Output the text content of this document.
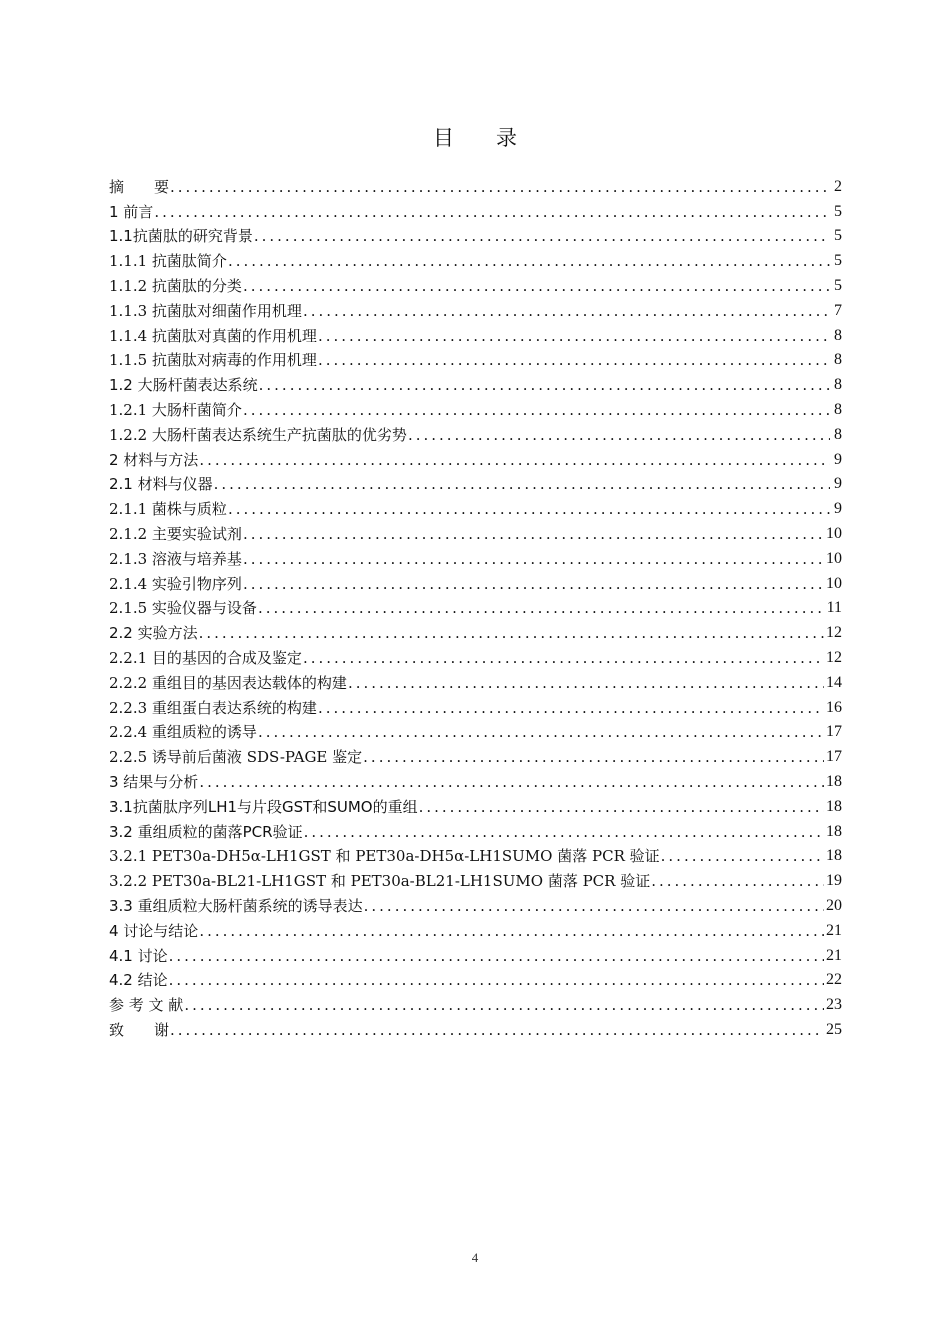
目 录
摘　　要 .....	2
1 前言 .....	5
1.1抗菌肽的研究背景 .....	5
1.1.1 抗菌肽简介 .....	5
1.1.2 抗菌肽的分类 .....	5
1.1.3 抗菌肽对细菌作用机理 .....	7
1.1.4 抗菌肽对真菌的作用机理 .....	8
1.1.5 抗菌肽对病毒的作用机理 .....	8
1.2 大肠杆菌表达系统 .....	8
1.2.1 大肠杆菌简介 .....	8
1.2.2 大肠杆菌表达系统生产抗菌肽的优劣势 .....	8
2 材料与方法 .....	9
2.1 材料与仪器 .....	9
2.1.1 菌株与质粒 .....	9
2.1.2 主要实验试剂 .....	10
2.1.3 溶液与培养基 .....	10
2.1.4 实验引物序列 .....	10
2.1.5 实验仪器与设备 .....	11
2.2 实验方法 .....	12
2.2.1 目的基因的合成及鉴定 .....	12
2.2.2 重组目的基因表达载体的构建 .....	14
2.2.3 重组蛋白表达系统的构建 .....	16
2.2.4 重组质粒的诱导 .....	17
2.2.5 诱导前后菌液 SDS-PAGE 鉴定 .....	17
3 结果与分析 .....	18
3.1抗菌肽序列LH1与片段GST和SUMO的重组 .....	18
3.2 重组质粒的菌落PCR验证 .....	18
3.2.1 PET30a-DH5α-LH1GST 和 PET30a-DH5α-LH1SUMO 菌落 PCR 验证 .....	18
3.2.2 PET30a-BL21-LH1GST 和 PET30a-BL21-LH1SUMO 菌落 PCR 验证 .....	19
3.3 重组质粒大肠杆菌系统的诱导表达 .....	20
4 讨论与结论 .....	21
4.1 讨论 .....	21
4.2 结论 .....	22
参 考 文 献 .....	23
致　　谢 .....	25
4
